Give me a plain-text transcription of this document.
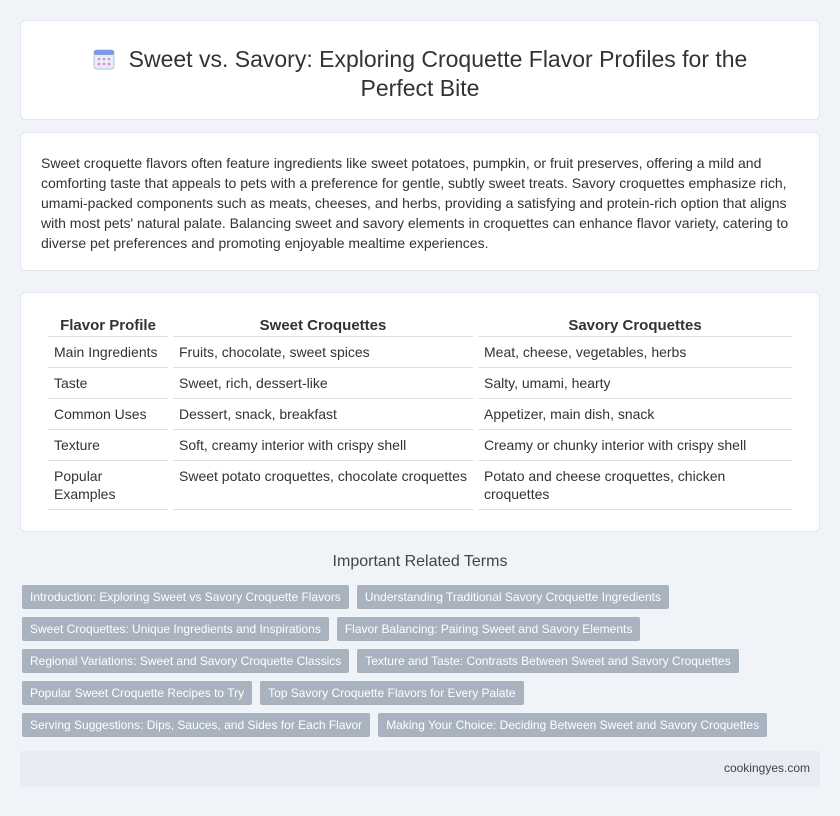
Sweet vs. Savory: Exploring Croquette Flavor Profiles for the
Perfect Bite

Sweet croquette flavors often feature ingredients like sweet potatoes, pumpkin, or fruit preserves, offering a mild and comforting taste that appeals to pets with a preference for gentle, subtly sweet treats. Savory croquettes emphasize rich, umami-packed components such as meats, cheeses, and herbs, providing a satisfying and protein-rich option that aligns with most pets' natural palate. Balancing sweet and savory elements in croquettes can enhance flavor variety, catering to diverse pet preferences and promoting enjoyable mealtime experiences.

Flavor Profile	Sweet Croquettes	Savory Croquettes
Main Ingredients	Fruits, chocolate, sweet spices	Meat, cheese, vegetables, herbs
Taste	Sweet, rich, dessert-like	Salty, umami, hearty
Common Uses	Dessert, snack, breakfast	Appetizer, main dish, snack
Texture	Soft, creamy interior with crispy shell	Creamy or chunky interior with crispy shell
Popular Examples	Sweet potato croquettes, chocolate croquettes	Potato and cheese croquettes, chicken croquettes
Important Related Terms
Introduction: Exploring Sweet vs Savory Croquette Flavors	Understanding Traditional Savory Croquette Ingredients
Sweet Croquettes: Unique Ingredients and Inspirations	Flavor Balancing: Pairing Sweet and Savory Elements
Regional Variations: Sweet and Savory Croquette Classics	Texture and Taste: Contrasts Between Sweet and Savory Croquettes
Popular Sweet Croquette Recipes to Try	Top Savory Croquette Flavors for Every Palate
Serving Suggestions: Dips, Sauces, and Sides for Each Flavor	Making Your Choice: Deciding Between Sweet and Savory Croquettes
cookingyes.com
